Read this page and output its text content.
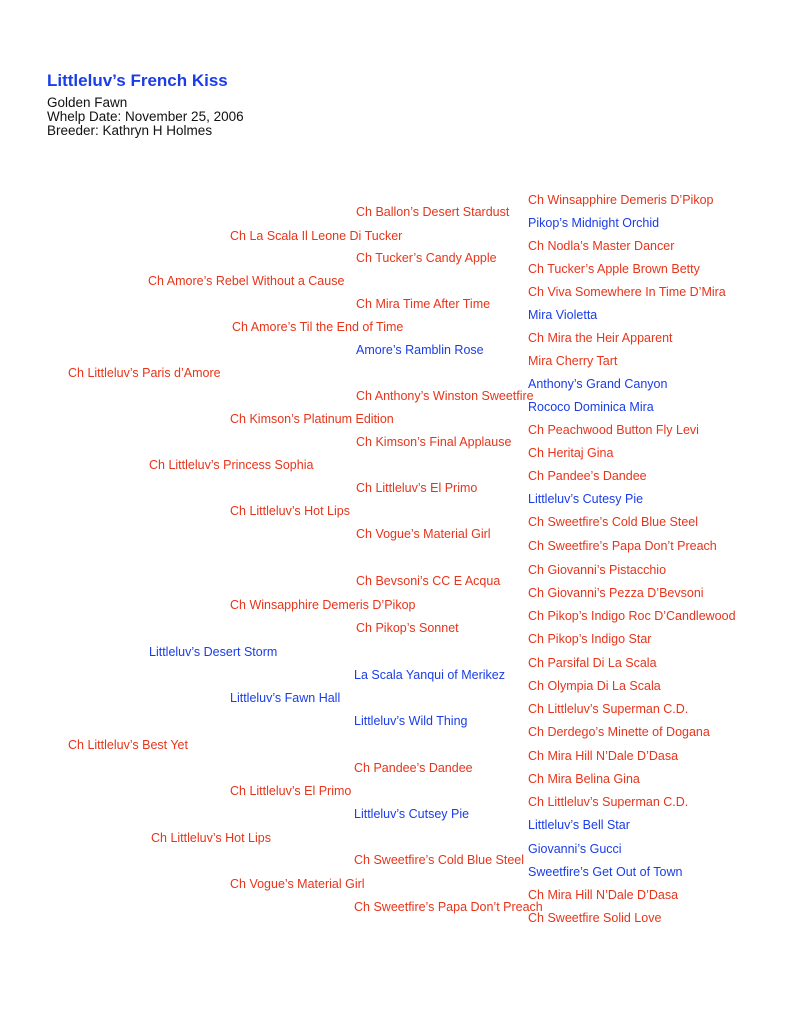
Littleluv’s French Kiss
Golden Fawn
Whelp Date: November 25, 2006
Breeder: Kathryn H Holmes
Ch Littleluv’s Paris d’Amore
Ch Littleluv’s Best Yet
Ch Amore’s Rebel Without a Cause
Ch Littleluv’s Princess Sophia
Littleluv’s Desert Storm
Ch Littleluv’s Hot Lips
Ch La Scala Il Leone Di Tucker
Ch Amore’s Til the End of Time
Ch Kimson’s Platinum Edition
Ch Littleluv’s Hot Lips
Ch Winsapphire Demeris D’Pikop
Littleluv’s Fawn Hall
Ch Littleluv’s El Primo
Ch Vogue’s Material Girl
Ch Ballon’s Desert Stardust
Ch Tucker’s Candy Apple
Ch Mira Time After Time
Amore’s Ramblin Rose
Ch Anthony’s Winston Sweetfire
Ch Kimson’s Final Applause
Ch Littleluv’s El Primo
Ch Vogue’s Material Girl
Ch Bevsoni’s CC E Acqua
Ch Pikop’s Sonnet
La Scala Yanqui of Merikez
Littleluv’s Wild Thing
Ch Pandee’s Dandee
Littleluv’s Cutsey Pie
Ch Sweetfire’s Cold Blue Steel
Ch Sweetfire’s Papa Don’t Preach
Ch Winsapphire Demeris D’Pikop
Pikop’s Midnight Orchid
Ch Nodla’s Master Dancer
Ch Tucker’s Apple Brown Betty
Ch Viva Somewhere In Time D’Mira
Mira Violetta
Ch Mira the Heir Apparent
Mira Cherry Tart
Anthony’s Grand Canyon
Rococo Dominica Mira
Ch Peachwood Button Fly Levi
Ch Heritaj Gina
Ch Pandee’s Dandee
Littleluv’s Cutesy Pie
Ch Sweetfire’s Cold Blue Steel
Ch Sweetfire’s Papa Don’t Preach
Ch Giovanni’s Pistacchio
Ch Giovanni’s Pezza D’Bevsoni
Ch Pikop’s Indigo Roc D’Candlewood
Ch Pikop’s Indigo Star
Ch Parsifal Di La Scala
Ch Olympia Di La Scala
Ch Littleluv’s Superman C.D.
Ch Derdego’s Minette of Dogana
Ch Mira Hill N’Dale D’Dasa
Ch Mira Belina Gina
Ch Littleluv’s Superman C.D.
Littleluv’s Bell Star
Giovanni’s Gucci
Sweetfire’s Get Out of Town
Ch Mira Hill N’Dale D’Dasa
Ch Sweetfire Solid Love
